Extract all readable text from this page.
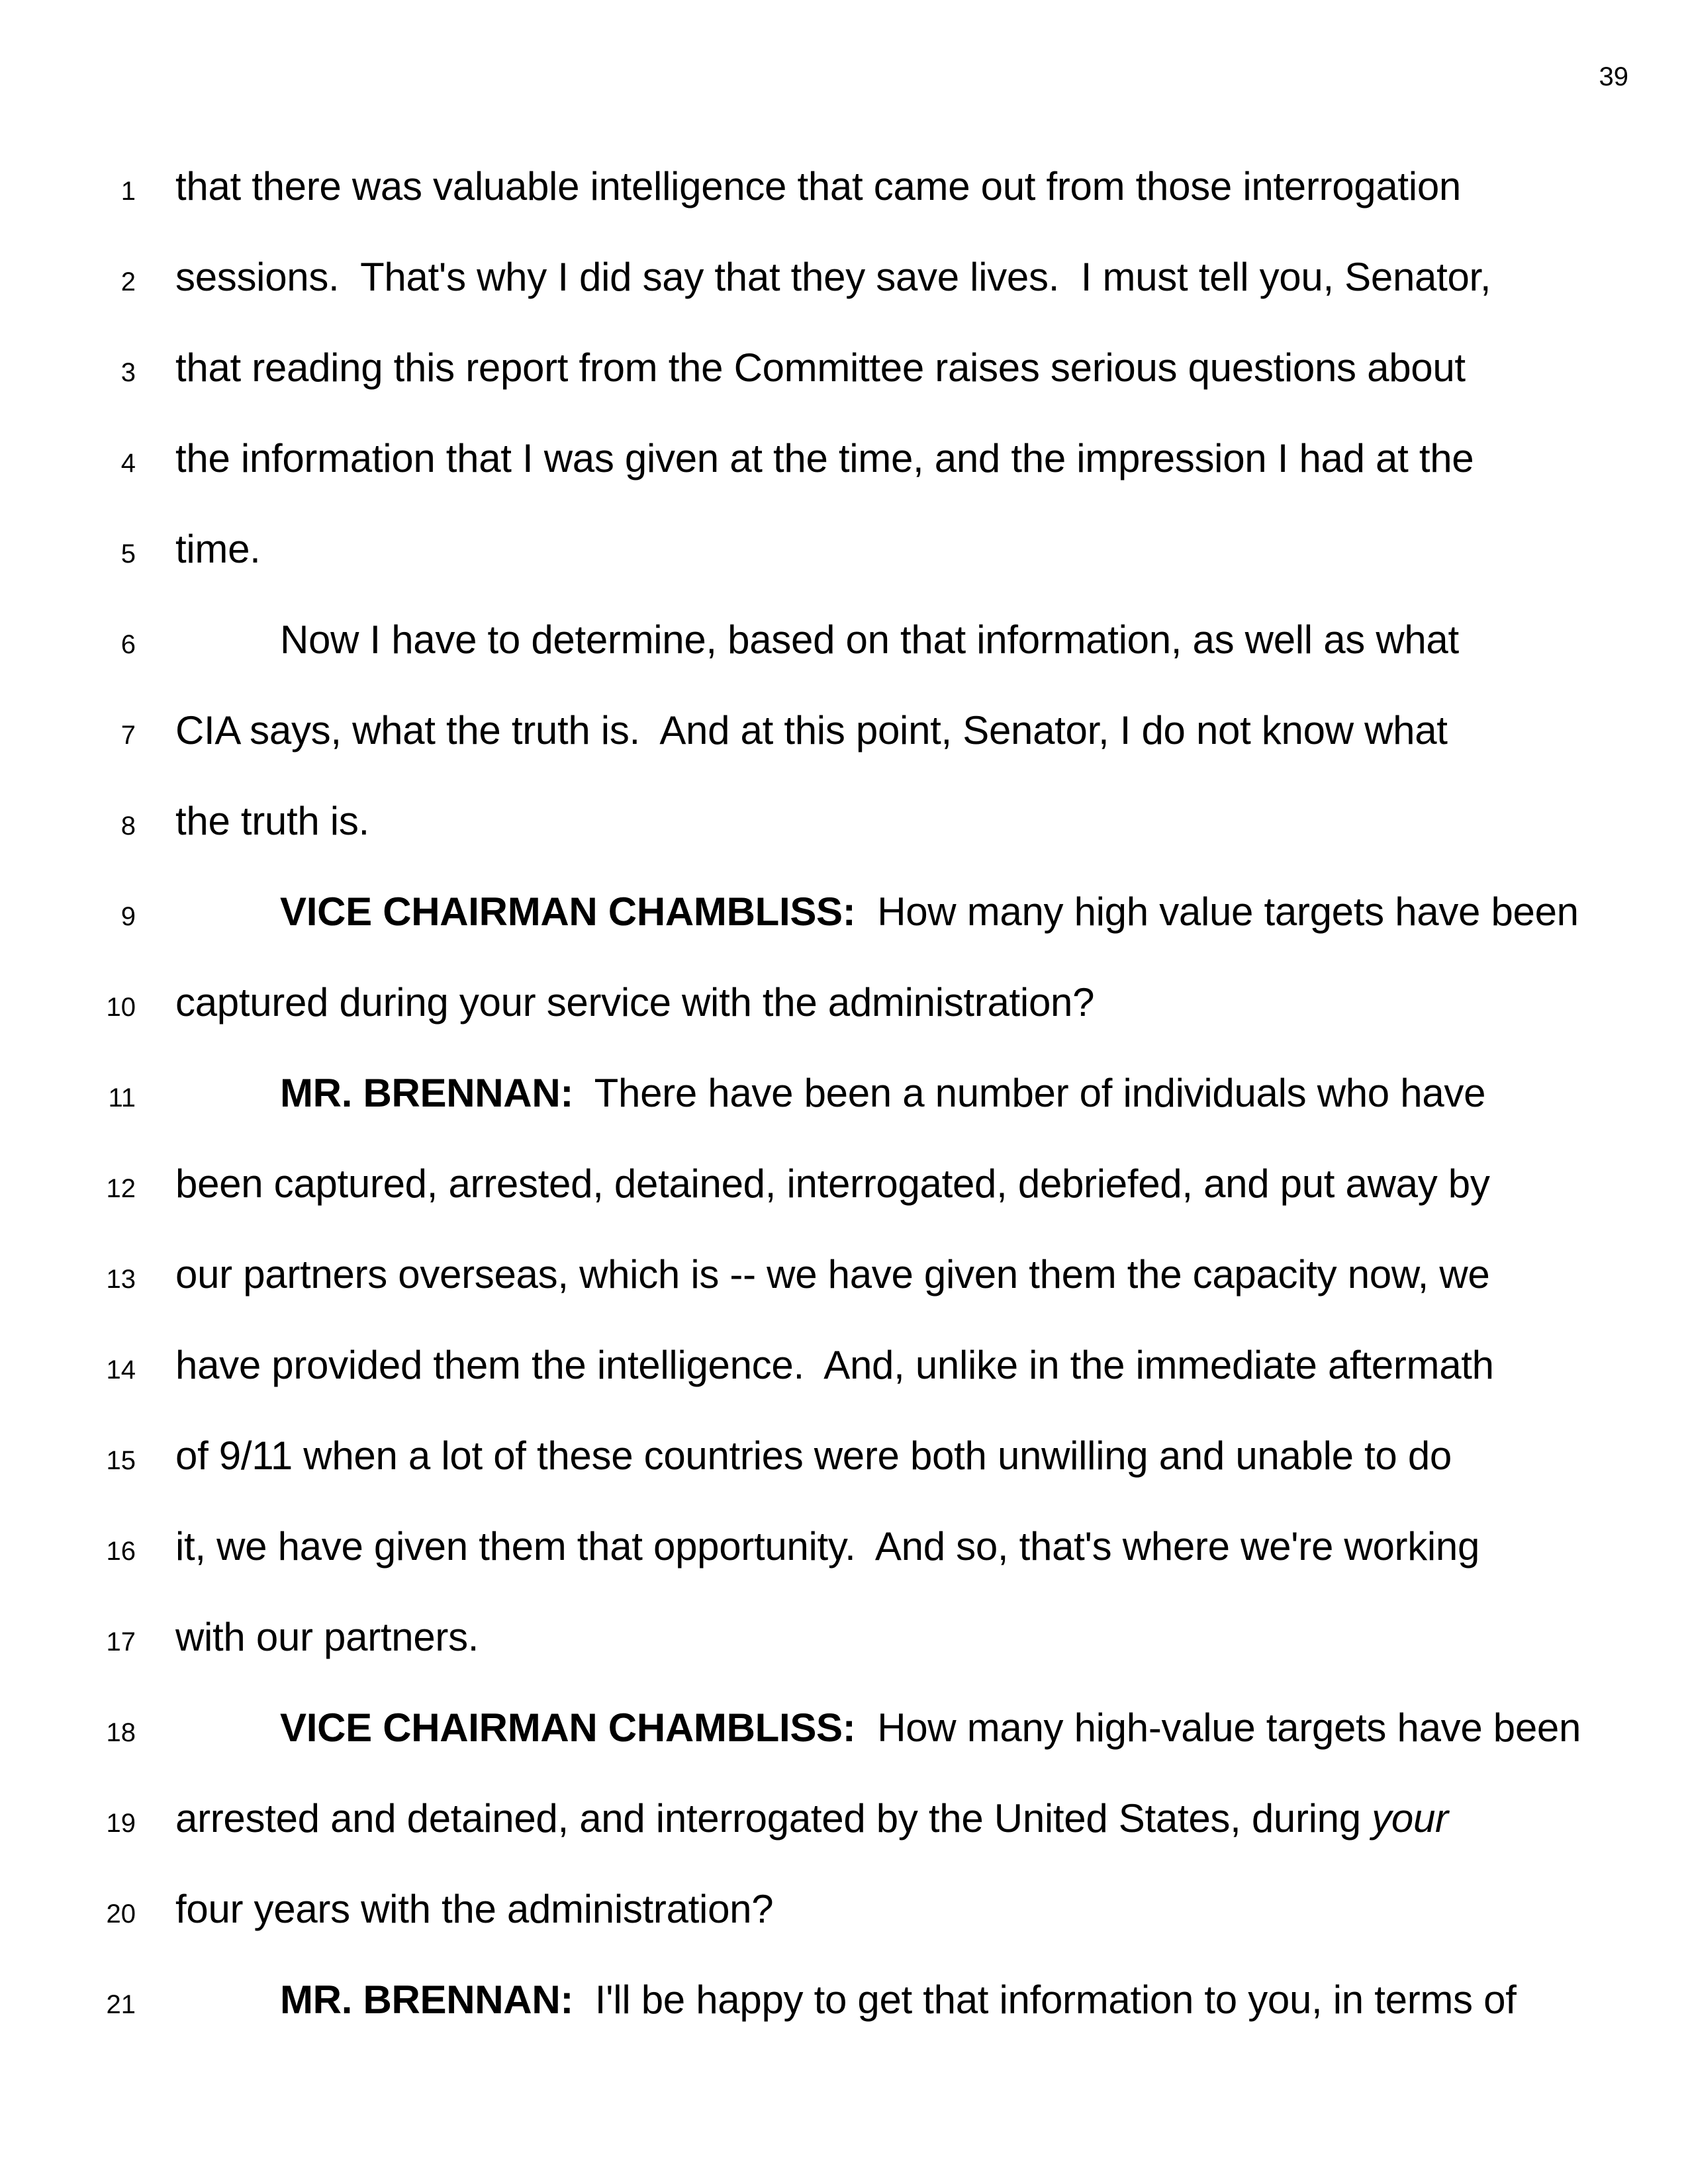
39
1 that there was valuable intelligence that came out from those interrogation
2 sessions.  That's why I did say that they save lives.  I must tell you, Senator,
3 that reading this report from the Committee raises serious questions about
4 the information that I was given at the time, and the impression I had at the
5 time.
6	Now I have to determine, based on that information, as well as what
7 CIA says, what the truth is.  And at this point, Senator, I do not know what
8 the truth is.
9	VICE CHAIRMAN CHAMBLISS:  How many high value targets have been
10 captured during your service with the administration?
11	MR. BRENNAN:  There have been a number of individuals who have
12 been captured, arrested, detained, interrogated, debriefed, and put away by
13 our partners overseas, which is -- we have given them the capacity now, we
14 have provided them the intelligence.  And, unlike in the immediate aftermath
15 of 9/11 when a lot of these countries were both unwilling and unable to do
16 it, we have given them that opportunity.  And so, that's where we're working
17 with our partners.
18	VICE CHAIRMAN CHAMBLISS:  How many high-value targets have been
19 arrested and detained, and interrogated by the United States, during your
20 four years with the administration?
21	MR. BRENNAN:  I'll be happy to get that information to you, in terms of
